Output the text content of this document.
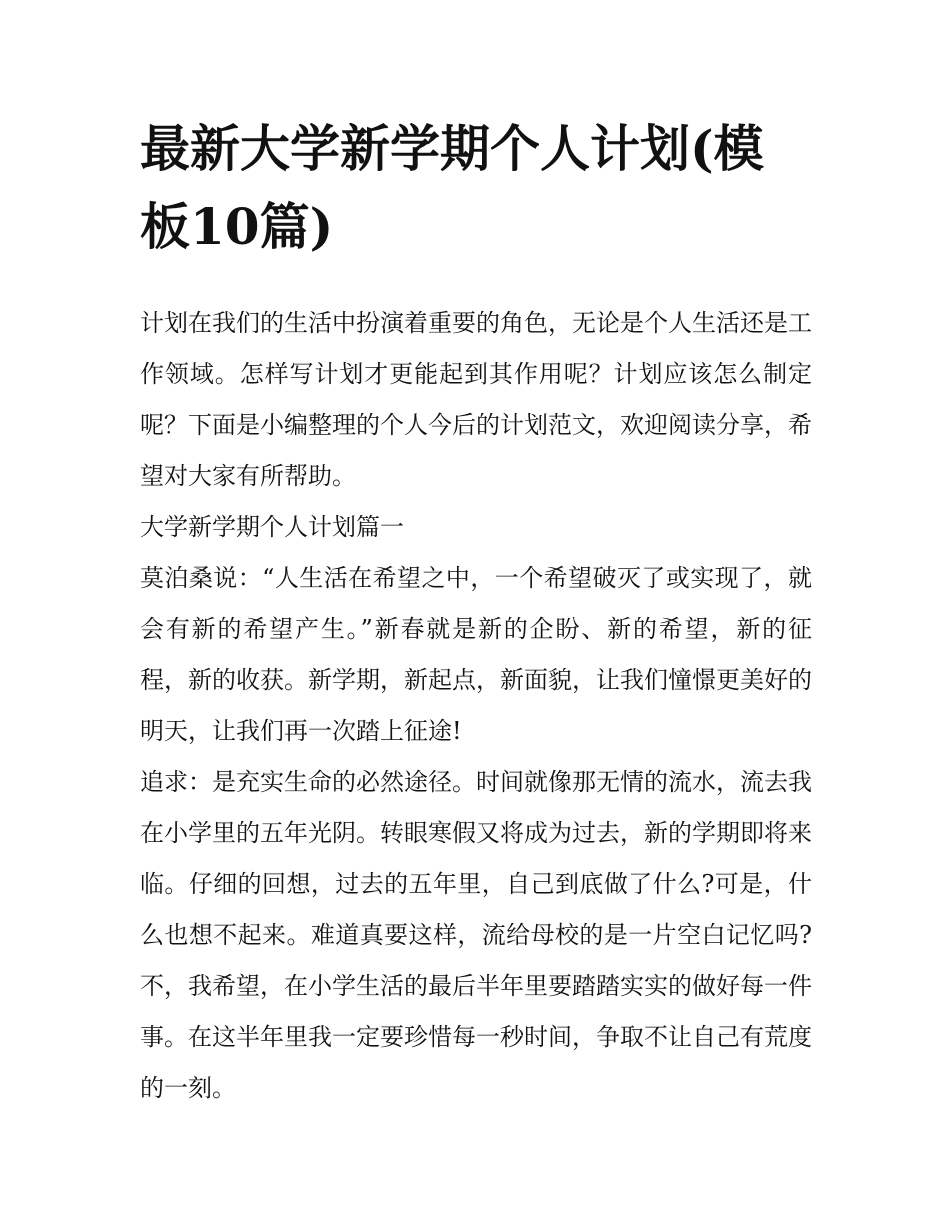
最新大学新学期个人计划(模板10篇)

计划在我们的生活中扮演着重要的角色，无论是个人生活还是工作领域。怎样写计划才更能起到其作用呢？计划应该怎么制定呢？下面是小编整理的个人今后的计划范文，欢迎阅读分享，希望对大家有所帮助。

大学新学期个人计划篇一

莫泊桑说：“人生活在希望之中，一个希望破灭了或实现了，就会有新的希望产生。”新春就是新的企盼、新的希望，新的征程，新的收获。新学期，新起点，新面貌，让我们憧憬更美好的明天，让我们再一次踏上征途!

追求：是充实生命的必然途径。时间就像那无情的流水，流去我在小学里的五年光阴。转眼寒假又将成为过去，新的学期即将来临。仔细的回想，过去的五年里，自己到底做了什么?可是，什么也想不起来。难道真要这样，流给母校的是一片空白记忆吗?不，我希望，在小学生活的最后半年里要踏踏实实的做好每一件事。在这半年里我一定要珍惜每一秒时间，争取不让自己有荒度的一刻。
